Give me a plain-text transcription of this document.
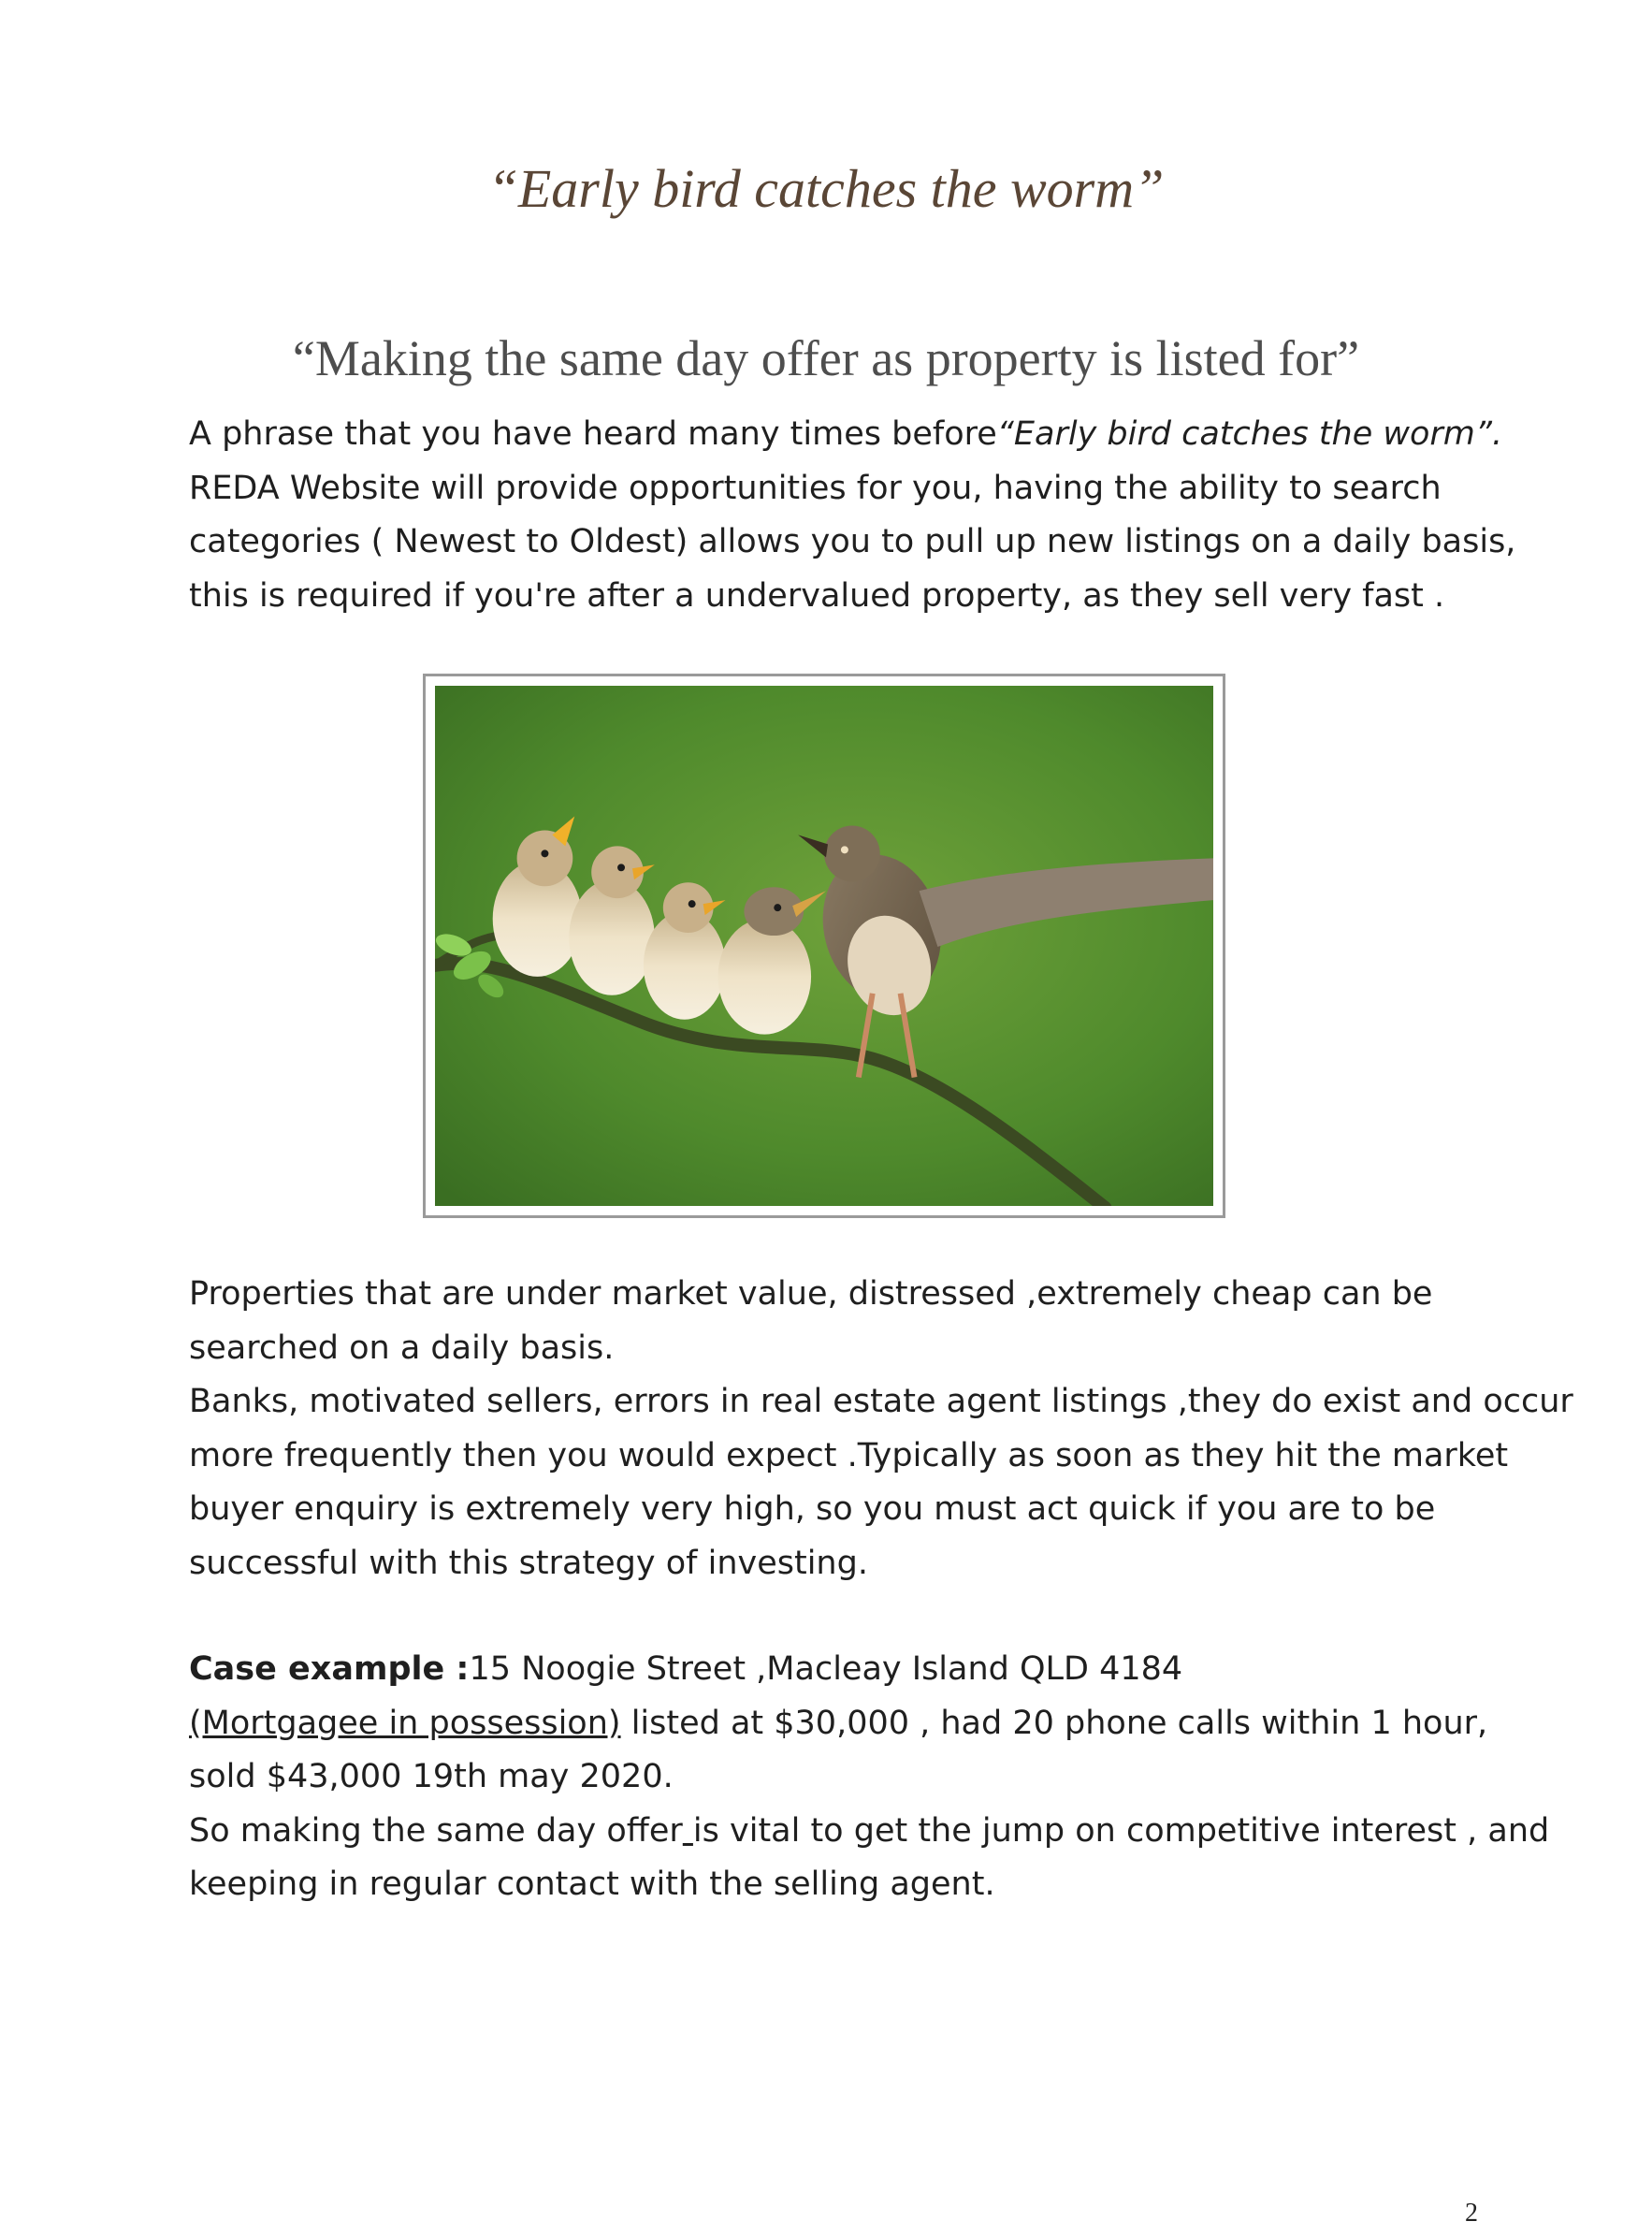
“Early bird catches the worm”
“Making the same day offer as property is listed for”

A phrase that you have heard many times before“Early bird catches the worm”.
REDA Website will provide opportunities for you, having the ability to search
categories ( Newest to Oldest) allows you to pull up new listings on a daily basis,
this is required if you're after a undervalued property, as they sell very fast .

Properties that are under market value, distressed ,extremely cheap can be
searched on a daily basis.
Banks, motivated sellers, errors in real estate agent listings ,they do exist and occur
more frequently then you would expect .Typically as soon as they hit the market
buyer enquiry is extremely very high, so you must act quick if you are to be
successful with this strategy of investing.

Case example :15 Noogie Street ,Macleay Island QLD 4184
(Mortgagee in possession) listed at $30,000 , had 20 phone calls within 1 hour,
sold $43,000 19th may 2020.
So making the same day offer is vital to get the jump on competitive interest , and
keeping in regular contact with the selling agent.

2
